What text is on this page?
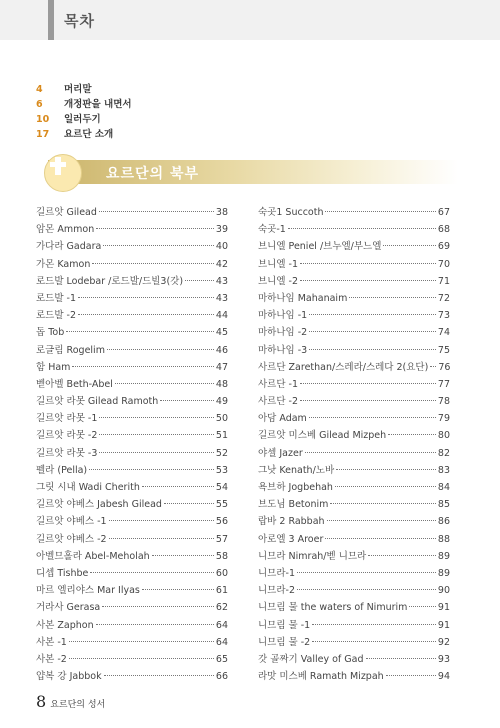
목차
4	머리말
6	개정판을 내면서
10	일러두기
17	요르단 소개
요르단의 북부
길르앗 Gilead	38
암몬 Ammon	39
가다라 Gadara	40
가몬 Kamon	42
로드발 Lodebar /로드발/드빌3(갓)	43
로드발 -1	43
로드발 -2	44
돕 Tob	45
로글림 Rogelim	46
함 Ham	47
벧아벨 Beth-Abel	48
길르앗 라못 Gilead Ramoth	49
길르앗 라못 -1	50
길르앗 라못 -2	51
길르앗 라못 -3	52
펠라 (Pella)	53
그릿 시내 Wadi Cherith	54
길르앗 야베스 Jabesh Gilead	55
길르앗 야베스 -1	56
길르앗 야베스 -2	57
아벨므홀라 Abel-Meholah	58
디셉 Tishbe	60
마르 엘리야스 Mar Ilyas	61
거라사 Gerasa	62
사본 Zaphon	64
사본 -1	64
사본 -2	65
얍복 강 Jabbok	66
숙곳1 Succoth	67
숙곳-1	68
브니엘 Peniel /브누엘/부느엘	69
브니엘 -1	70
브니엘 -2	71
마하나임 Mahanaim	72
마하나임 -1	73
마하나임 -2	74
마하나임 -3	75
사르단 Zarethan/스레라/스레다 2(요단) 76
사르단 -1	77
사르단 -2	78
아담 Adam	79
길르앗 미스베 Gilead Mizpeh	80
야셀 Jazer	82
그낫 Kenath/노바	83
욕브하 Jogbehah	84
브도님 Betonim	85
랍바 2 Rabbah	86
아로엘 3 Aroer	88
니므라 Nimrah/벧 니므라	89
니므라-1	89
니므라-2	90
니므림 물 the waters of Nimurim	91
니므림 물 -1	91
니므림 물 -2	92
갓 골짜기 Valley of Gad	93
라맛 미스베 Ramath Mizpah	94
8 요르단의 성서
